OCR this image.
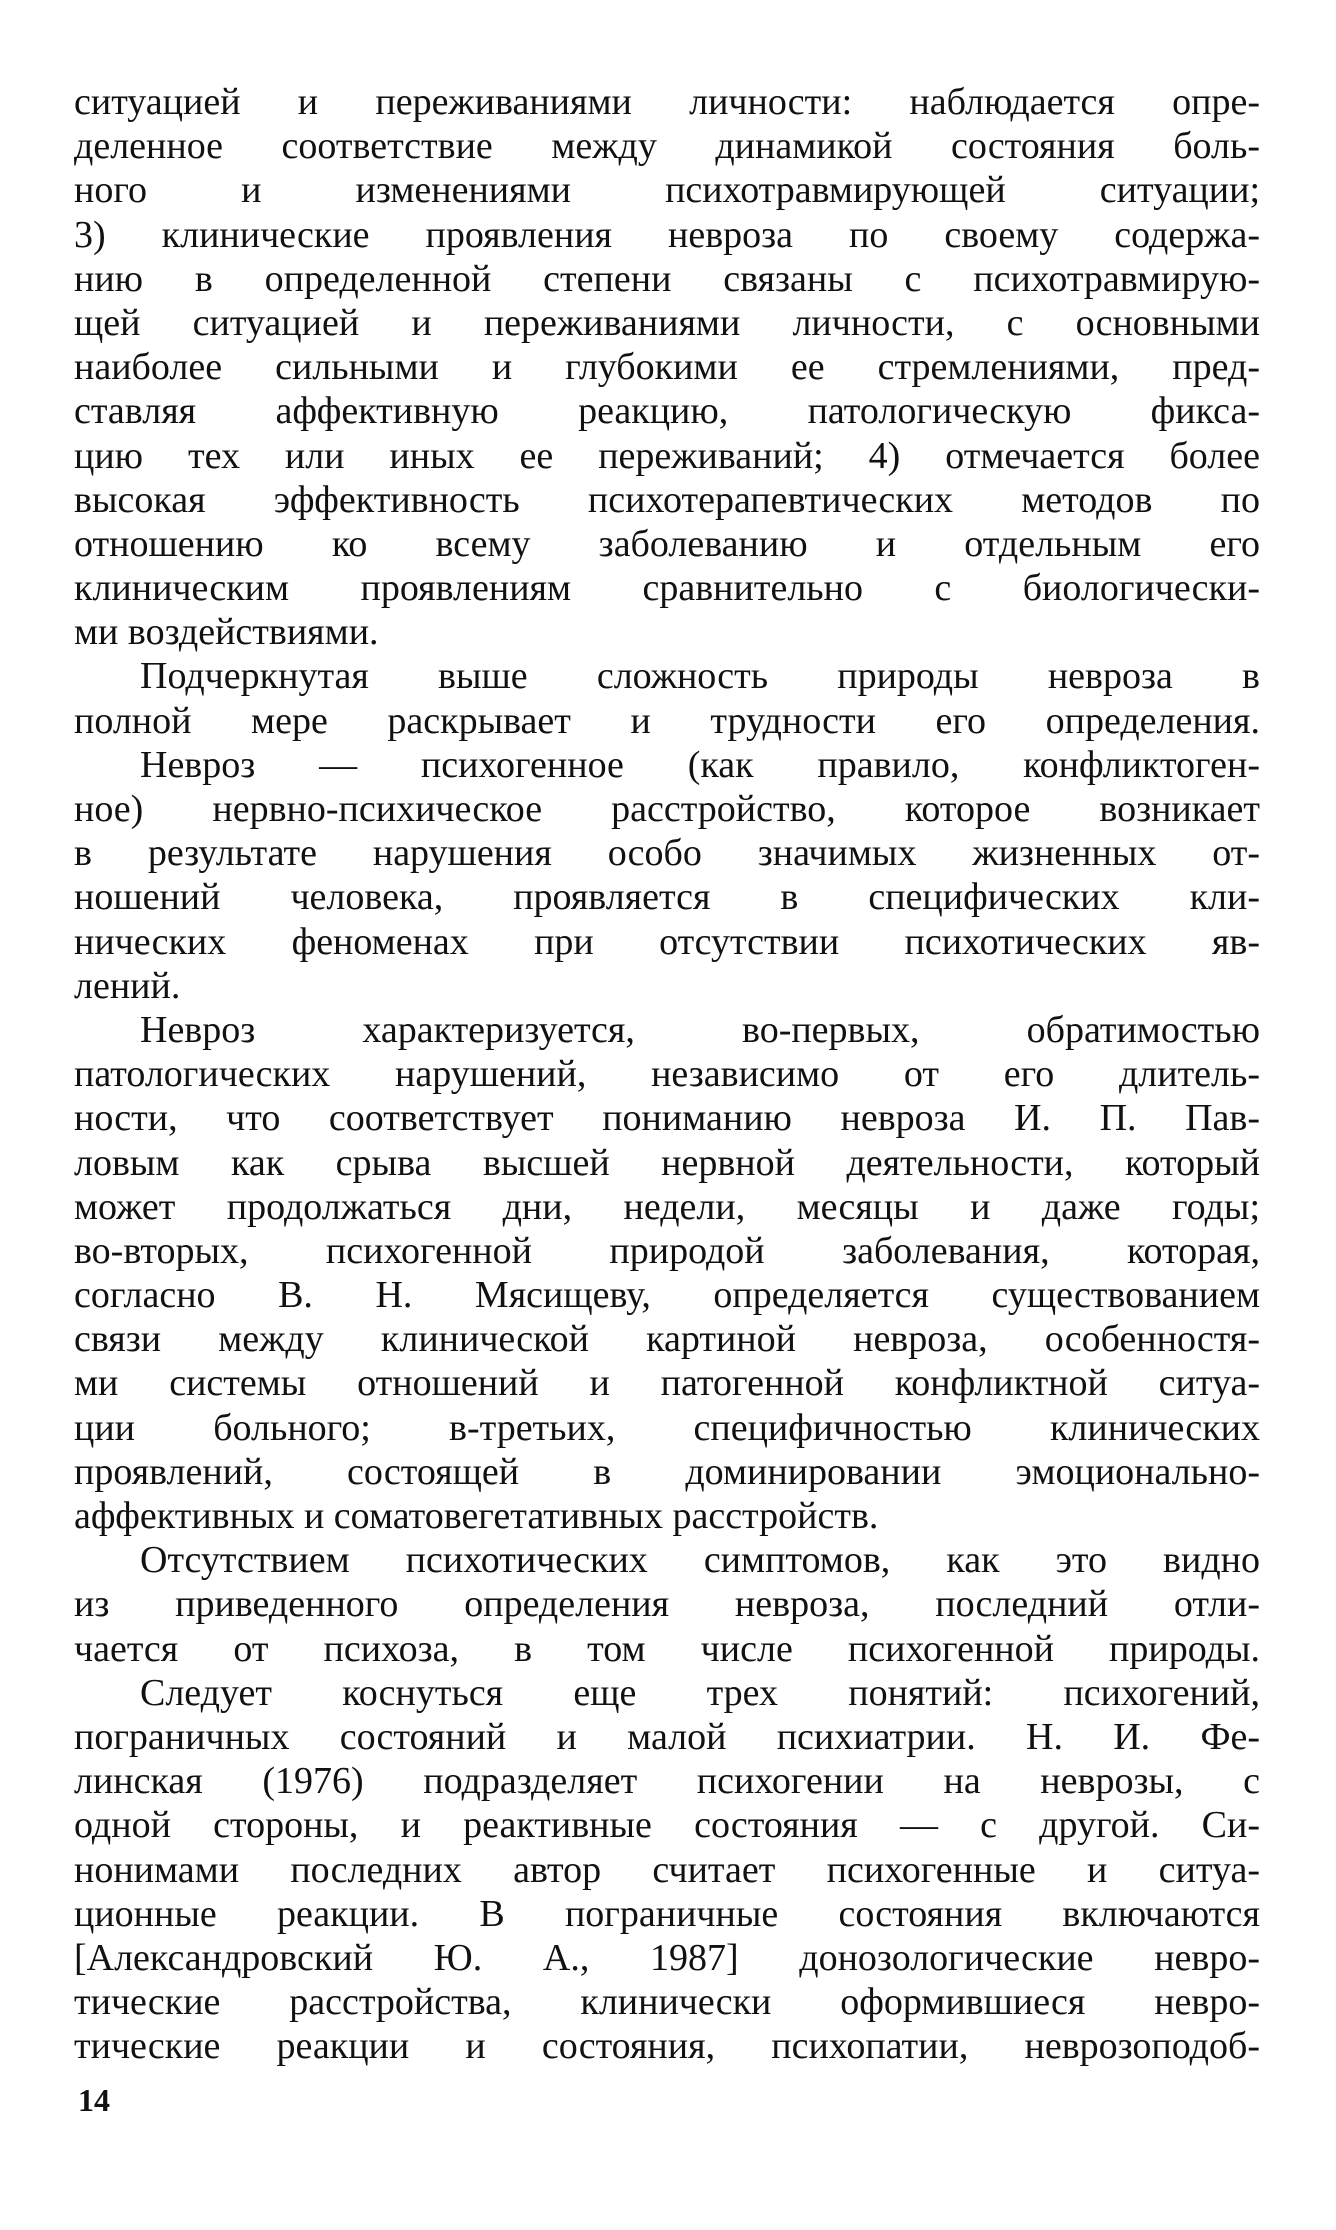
ситуацией и переживаниями личности: наблюдается опре-
деленное соответствие между динамикой состояния боль-
ного и изменениями психотравмирующей ситуации;
3) клинические проявления невроза по своему содержа-
нию в определенной степени связаны с психотравмирую-
щей ситуацией и переживаниями личности, с основными
наиболее сильными и глубокими ее стремлениями, пред-
ставляя аффективную реакцию, патологическую фикса-
цию тех или иных ее переживаний; 4) отмечается более
высокая эффективность психотерапевтических методов по
отношению ко всему заболеванию и отдельным его
клиническим проявлениям сравнительно с биологически-
ми воздействиями.
Подчеркнутая выше сложность природы невроза в
полной мере раскрывает и трудности его определения.
Невроз — психогенное (как правило, конфликтоген-
ное) нервно-психическое расстройство, которое возникает
в результате нарушения особо значимых жизненных от-
ношений человека, проявляется в специфических кли-
нических феноменах при отсутствии психотических яв-
лений.
Невроз характеризуется, во-первых, обратимостью
патологических нарушений, независимо от его длитель-
ности, что соответствует пониманию невроза И. П. Пав-
ловым как срыва высшей нервной деятельности, который
может продолжаться дни, недели, месяцы и даже годы;
во-вторых, психогенной природой заболевания, которая,
согласно В. Н. Мясищеву, определяется существованием
связи между клинической картиной невроза, особенностя-
ми системы отношений и патогенной конфликтной ситуа-
ции больного; в-третьих, специфичностью клинических
проявлений, состоящей в доминировании эмоционально-
аффективных и соматовегетативных расстройств.
Отсутствием психотических симптомов, как это видно
из приведенного определения невроза, последний отли-
чается от психоза, в том числе психогенной природы.
Следует коснуться еще трех понятий: психогений,
пограничных состояний и малой психиатрии. Н. И. Фе-
линская (1976) подразделяет психогении на неврозы, с
одной стороны, и реактивные состояния — с другой. Си-
нонимами последних автор считает психогенные и ситуа-
ционные реакции. В пограничные состояния включаются
[Александровский Ю. А., 1987] донозологические невро-
тические расстройства, клинически оформившиеся невро-
тические реакции и состояния, психопатии, неврозоподоб-
14
